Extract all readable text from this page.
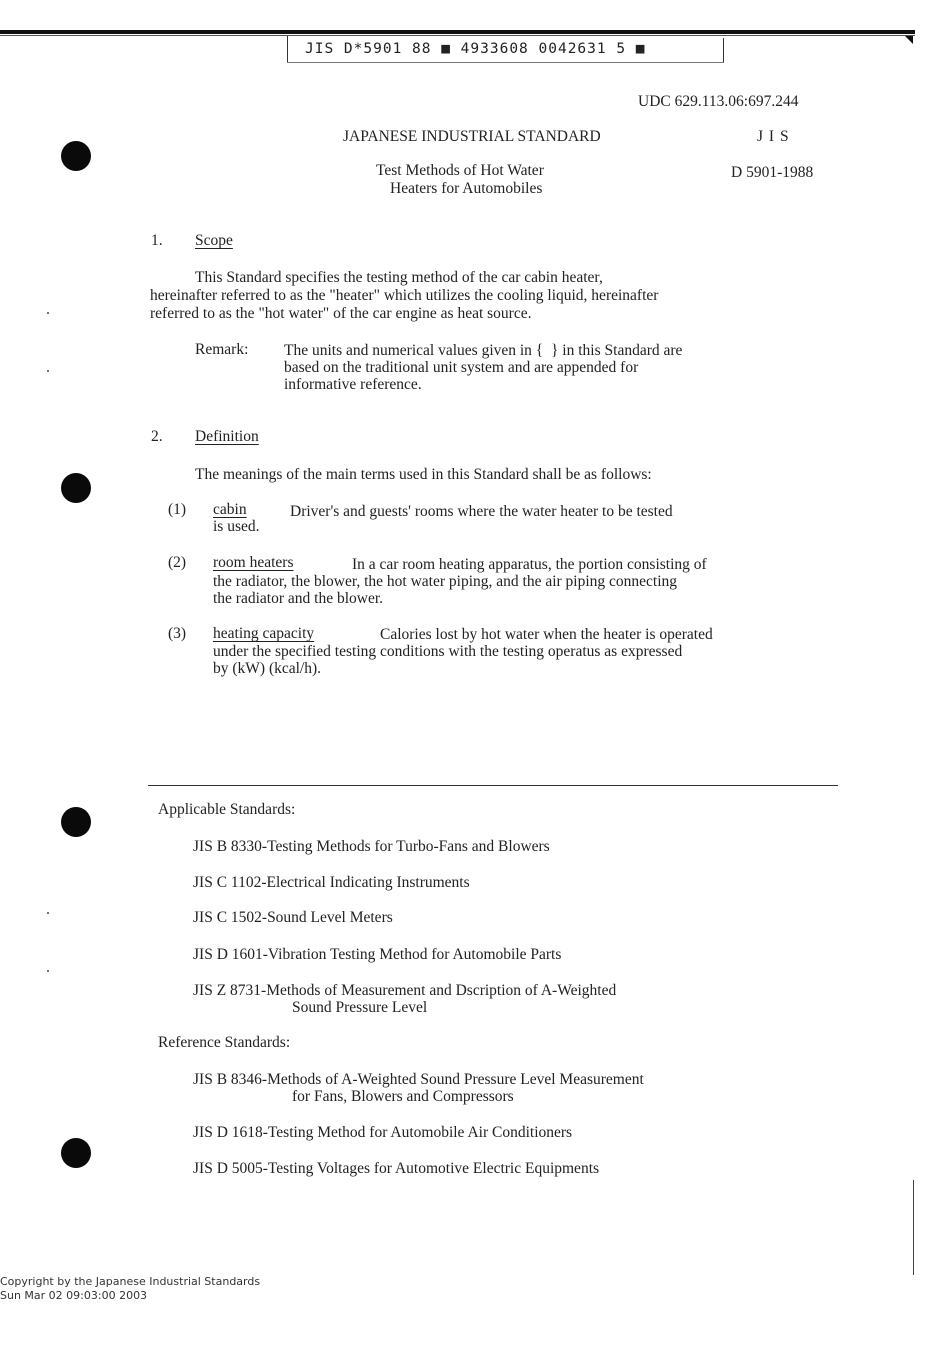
JIS D*5901 88 ■ 4933608 0042631 5 ■
UDC 629.113.06:697.244
JAPANESE INDUSTRIAL STANDARD	J I S
Test Methods of Hot Water
Heaters for Automobiles
D 5901-1988
1. Scope
This Standard specifies the testing method of the car cabin heater,
hereinafter referred to as the "heater" which utilizes the cooling liquid, hereinafter
referred to as the "hot water" of the car engine as heat source.
Remark: The units and numerical values given in {  } in this Standard are
based on the traditional unit system and are appended for
informative reference.
2. Definition
The meanings of the main terms used in this Standard shall be as follows:
(1) cabin	Driver's and guests' rooms where the water heater to be tested
is used.
(2) room heaters	In a car room heating apparatus, the portion consisting of
the radiator, the blower, the hot water piping, and the air piping connecting
the radiator and the blower.
(3) heating capacity	Calories lost by hot water when the heater is operated
under the specified testing conditions with the testing operatus as expressed
by (kW) (kcal/h).
Applicable Standards:
JIS B 8330-Testing Methods for Turbo-Fans and Blowers
JIS C 1102-Electrical Indicating Instruments
JIS C 1502-Sound Level Meters
JIS D 1601-Vibration Testing Method for Automobile Parts
JIS Z 8731-Methods of Measurement and Dscription of A-Weighted
Sound Pressure Level
Reference Standards:
JIS B 8346-Methods of A-Weighted Sound Pressure Level Measurement
for Fans, Blowers and Compressors
JIS D 1618-Testing Method for Automobile Air Conditioners
JIS D 5005-Testing Voltages for Automotive Electric Equipments
Copyright by the Japanese Industrial Standards
Sun Mar 02 09:03:00 2003
